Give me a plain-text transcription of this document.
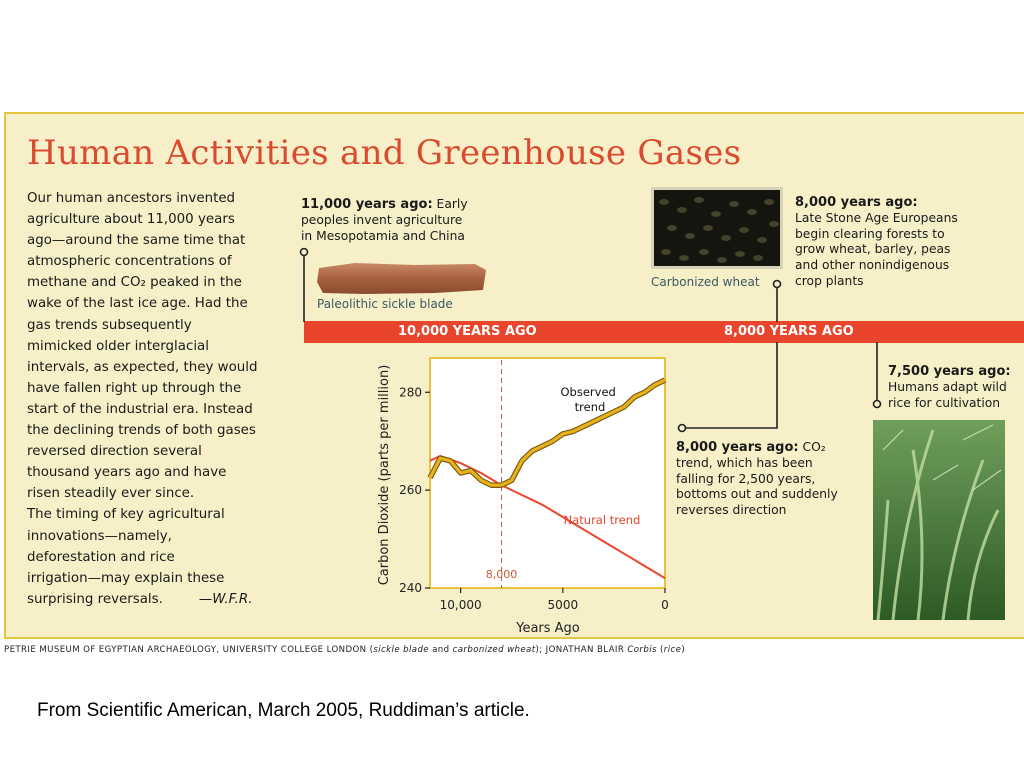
Human Activities and Greenhouse Gases
Our human ancestors invented
agriculture about 11,000 years
ago—around the same time that
atmospheric concentrations of
methane and CO₂ peaked in the
wake of the last ice age. Had the
gas trends subsequently
mimicked older interglacial
intervals, as expected, they would
have fallen right up through the
start of the industrial era. Instead
the declining trends of both gases
reversed direction several
thousand years ago and have
risen steadily ever since.
The timing of key agricultural
innovations—namely,
deforestation and rice
irrigation—may explain these
surprising reversals.	—W.F.R.
11,000 years ago: Early
peoples invent agriculture
in Mesopotamia and China
Paleolithic sickle blade
Carbonized wheat
8,000 years ago:
Late Stone Age Europeans
begin clearing forests to
grow wheat, barley, peas
and other nonindigenous
crop plants
7,500 years ago:
Humans adapt wild
rice for cultivation
8,000 years ago: CO₂
trend, which has been
falling for 2,500 years,
bottoms out and suddenly
reverses direction
10,000 YEARS AGO	8,000 YEARS AGO
8,000
240
260
280
10,000	5000	0
Carbon Dioxide (parts per million)
Years Ago
Observed trend
Natural trend
PETRIE MUSEUM OF EGYPTIAN ARCHAEOLOGY, UNIVERSITY COLLEGE LONDON (sickle blade and carbonized wheat); JONATHAN BLAIR Corbis (rice)
From Scientific American, March 2005, Ruddiman’s article.
